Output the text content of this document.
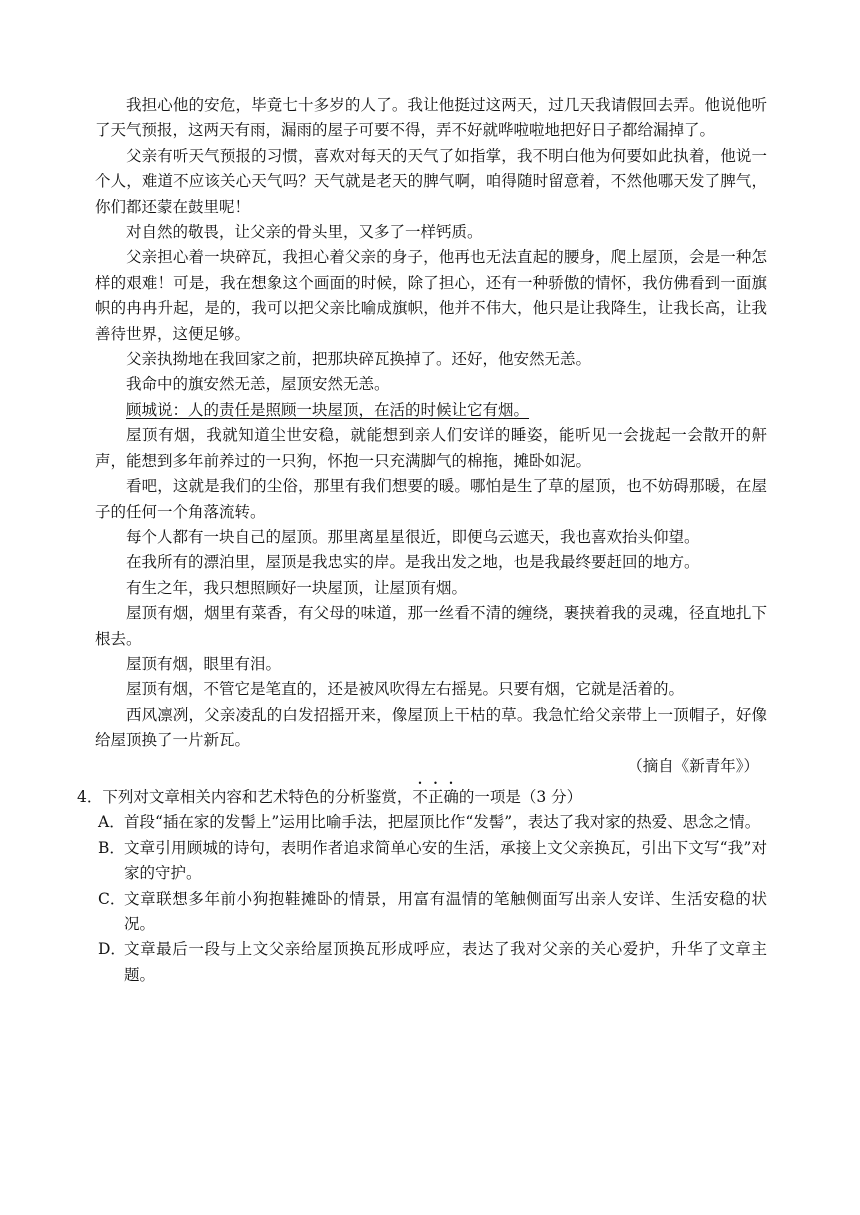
我担心他的安危，毕竟七十多岁的人了。我让他挺过这两天，过几天我请假回去弄。他说他听了天气预报，这两天有雨，漏雨的屋子可要不得，弄不好就哗啦啦地把好日子都给漏掉了。

父亲有听天气预报的习惯，喜欢对每天的天气了如指掌，我不明白他为何要如此执着，他说一个人，难道不应该关心天气吗？天气就是老天的脾气啊，咱得随时留意着，不然他哪天发了脾气，你们都还蒙在鼓里呢！

对自然的敬畏，让父亲的骨头里，又多了一样钙质。

父亲担心着一块碎瓦，我担心着父亲的身子，他再也无法直起的腰身，爬上屋顶，会是一种怎样的艰难！可是，我在想象这个画面的时候，除了担心，还有一种骄傲的情怀，我仿佛看到一面旗帜的冉冉升起，是的，我可以把父亲比喻成旗帜，他并不伟大，他只是让我降生，让我长高，让我善待世界，这便足够。

父亲执拗地在我回家之前，把那块碎瓦换掉了。还好，他安然无恙。

我命中的旗安然无恙，屋顶安然无恙。

顾城说：人的责任是照顾一块屋顶，在活的时候让它有烟。

屋顶有烟，我就知道尘世安稳，就能想到亲人们安详的睡姿，能听见一会拢起一会散开的鼾声，能想到多年前养过的一只狗，怀抱一只充满脚气的棉拖，摊卧如泥。

看吧，这就是我们的尘俗，那里有我们想要的暖。哪怕是生了草的屋顶，也不妨碍那暖，在屋子的任何一个角落流转。

每个人都有一块自己的屋顶。那里离星星很近，即便乌云遮天，我也喜欢抬头仰望。

在我所有的漂泊里，屋顶是我忠实的岸。是我出发之地，也是我最终要赶回的地方。

有生之年，我只想照顾好一块屋顶，让屋顶有烟。

屋顶有烟，烟里有菜香，有父母的味道，那一丝看不清的缠绕，裹挟着我的灵魂，径直地扎下根去。

屋顶有烟，眼里有泪。

屋顶有烟，不管它是笔直的，还是被风吹得左右摇晃。只要有烟，它就是活着的。

西风凛冽，父亲凌乱的白发招摇开来，像屋顶上干枯的草。我急忙给父亲带上一顶帽子，好像给屋顶换了一片新瓦。

（摘自《新青年》）

4．下列对文章相关内容和艺术特色的分析鉴赏，不正确的一项是（3 分）

A． 首段“插在家的发髻上”运用比喻手法，把屋顶比作“发髻”，表达了我对家的热爱、思念之情。
B． 文章引用顾城的诗句，表明作者追求简单心安的生活，承接上文父亲换瓦，引出下文写“我”对家的守护。
C．
文章联想多年前小狗抱鞋摊卧的情景，用富有温情的笔触侧面写出亲人安详、生活安稳的状况。
D．
文章最后一段与上文父亲给屋顶换瓦形成呼应，表达了我对父亲的关心爱护，升华了文章主题。
